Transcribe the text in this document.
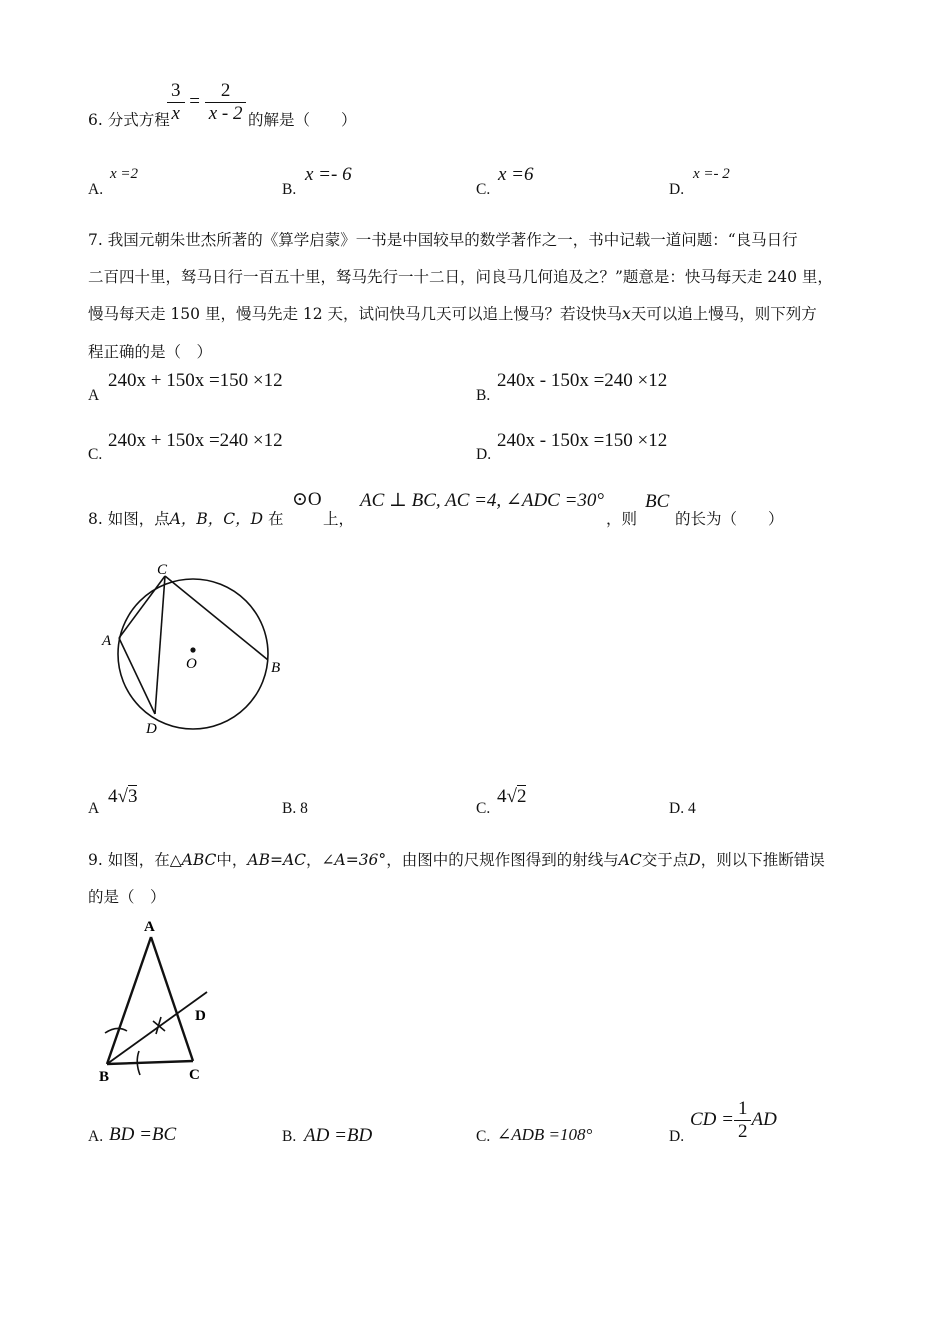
6. 分式方程
$\frac{3}{x} = \frac{2}{x - 2}$ 的解是（　　）
A.
x =2
B.
x =- 6
C.
x =6
D.
x =- 2
7. 我国元朝朱世杰所著的《算学启蒙》一书是中国较早的数学著作之一，书中记载一道问题：“良马日行
二百四十里，驽马日行一百五十里，驽马先行一十二日，问良马几何追及之？”题意是：快马每天走 240 里，
慢马每天走 150 里，慢马先走 12 天，试问快马几天可以追上慢马？若设快马x天可以追上慢马，则下列方
程正确的是（　）
A
240x + 150x =150 ×12
B.
240x - 150x =240 ×12
C.
240x + 150x =240 ×12
D.
240x - 150x =150 ×12
8. 如图，点A，B，C，D 在
⊙O
上，
AC ⊥ BC, AC =4, ∠ADC =30°
，则
BC
的长为（　　）
C
A
O	B
D
A
4√3
B. 8	C.
4√2
D. 4
9. 如图，在△ABC中，AB=AC，∠A=36°，由图中的尺规作图得到的射线与AC交于点D，则以下推断错误
的是（　）
A
D
B	C
A. BD =BC	B. AD =BD	C. ∠ADB =108°	D.
CD = $\frac{1}{2}$ AD
